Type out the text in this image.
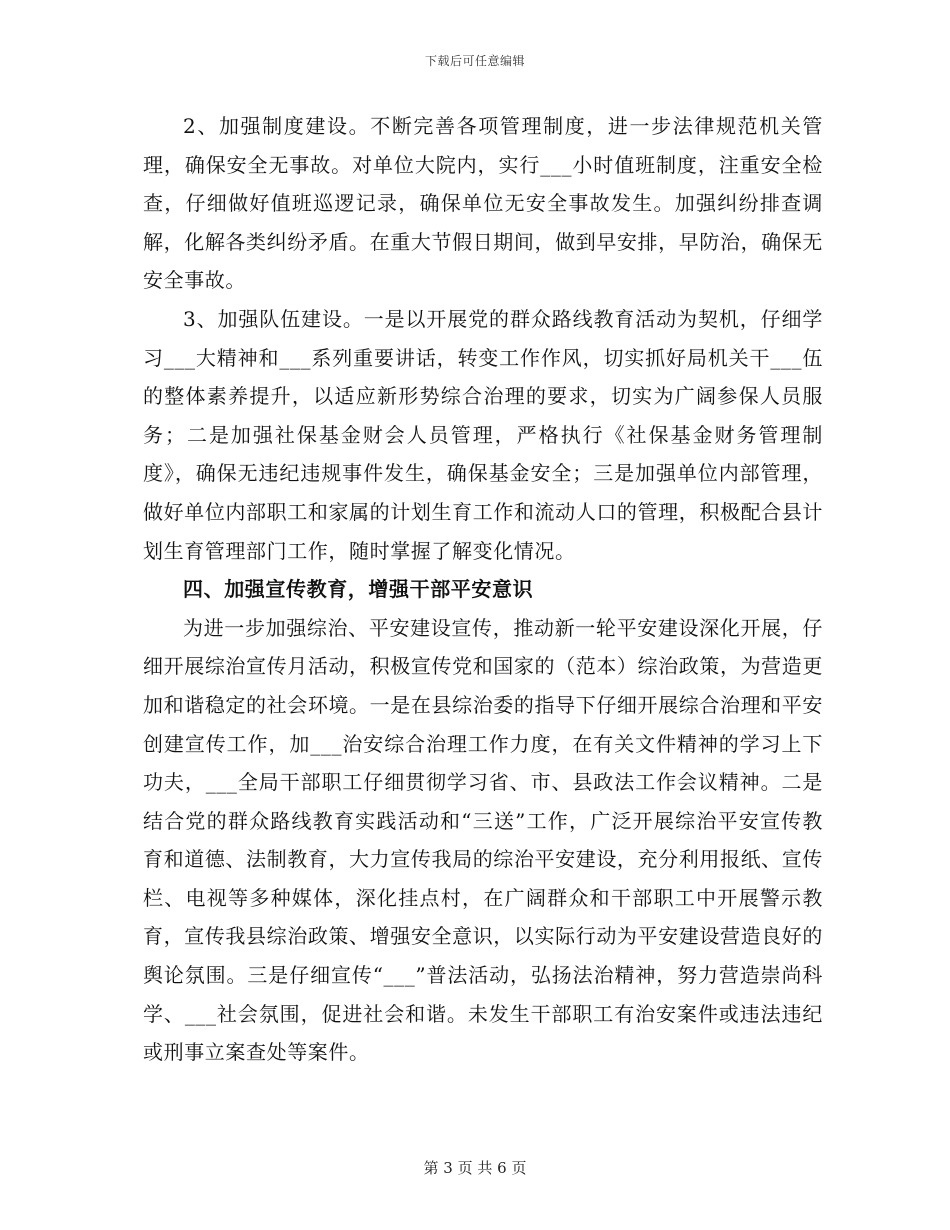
下载后可任意编辑

2、加强制度建设。不断完善各项管理制度，进一步法律规范机关管理，确保安全无事故。对单位大院内，实行___小时值班制度，注重安全检查，仔细做好值班巡逻记录，确保单位无安全事故发生。加强纠纷排查调解，化解各类纠纷矛盾。在重大节假日期间，做到早安排，早防治，确保无安全事故。

3、加强队伍建设。一是以开展党的群众路线教育活动为契机，仔细学习___大精神和___系列重要讲话，转变工作作风，切实抓好局机关干___伍的整体素养提升，以适应新形势综合治理的要求，切实为广阔参保人员服务；二是加强社保基金财会人员管理，严格执行《社保基金财务管理制度》，确保无违纪违规事件发生，确保基金安全；三是加强单位内部管理，做好单位内部职工和家属的计划生育工作和流动人口的管理，积极配合县计划生育管理部门工作，随时掌握了解变化情况。

四、加强宣传教育，增强干部平安意识

为进一步加强综治、平安建设宣传，推动新一轮平安建设深化开展，仔细开展综治宣传月活动，积极宣传党和国家的（范本）综治政策，为营造更加和谐稳定的社会环境。一是在县综治委的指导下仔细开展综合治理和平安创建宣传工作，加___治安综合治理工作力度，在有关文件精神的学习上下功夫，___全局干部职工仔细贯彻学习省、市、县政法工作会议精神。二是结合党的群众路线教育实践活动和“三送”工作，广泛开展综治平安宣传教育和道德、法制教育，大力宣传我局的综治平安建设，充分利用报纸、宣传栏、电视等多种媒体，深化挂点村，在广阔群众和干部职工中开展警示教育，宣传我县综治政策、增强安全意识，以实际行动为平安建设营造良好的舆论氛围。三是仔细宣传“___”普法活动，弘扬法治精神，努力营造崇尚科学、___社会氛围，促进社会和谐。未发生干部职工有治安案件或违法违纪或刑事立案查处等案件。

第 3 页 共 6 页
